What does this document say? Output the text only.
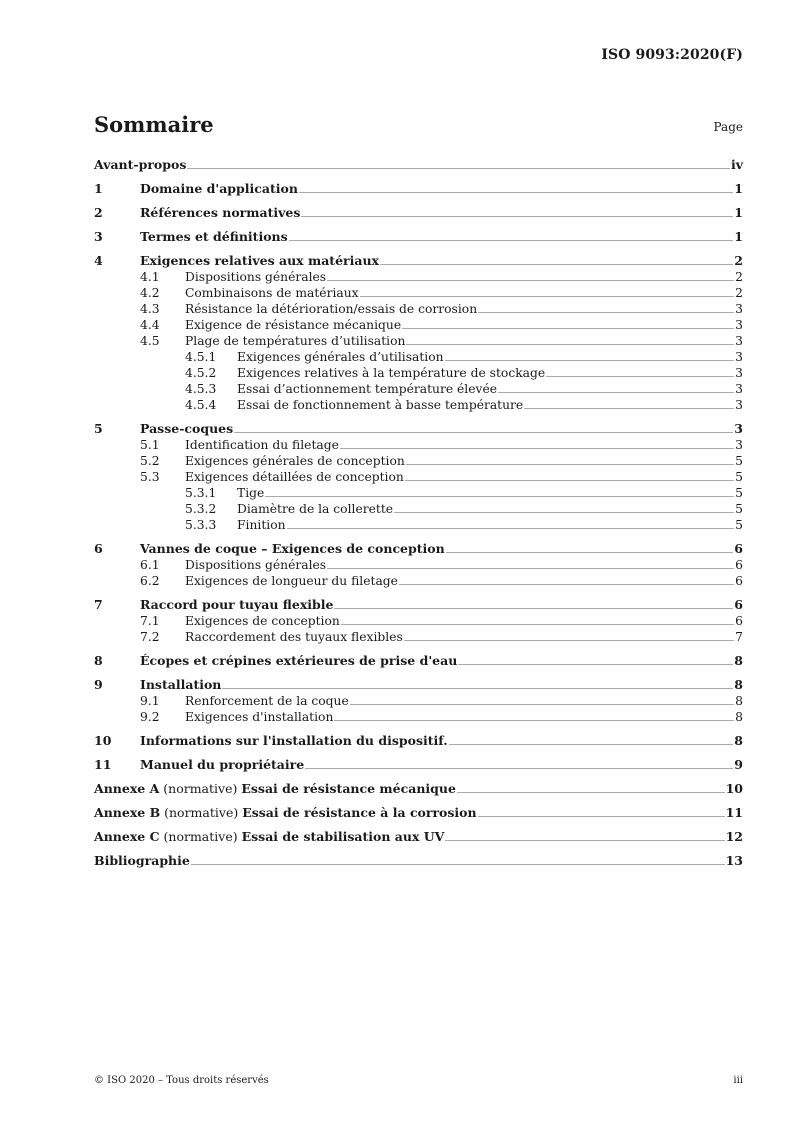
ISO 9093:2020(F)
Sommaire	Page
Avant-propos	iv
1	Domaine d'application	1
2	Références normatives	1
3	Termes et définitions	1
4	Exigences relatives aux matériaux	2
4.1	Dispositions générales	2
4.2	Combinaisons de matériaux	2
4.3	Résistance la détérioration/essais de corrosion	3
4.4	Exigence de résistance mécanique	3
4.5	Plage de températures d’utilisation	3
4.5.1	Exigences générales d’utilisation	3
4.5.2	Exigences relatives à la température de stockage	3
4.5.3	Essai d’actionnement température élevée	3
4.5.4	Essai de fonctionnement à basse température	3
5	Passe-coques	3
5.1	Identification du filetage	3
5.2	Exigences générales de conception	5
5.3	Exigences détaillées de conception	5
5.3.1	Tige	5
5.3.2	Diamètre de la collerette	5
5.3.3	Finition	5
6	Vannes de coque – Exigences de conception	6
6.1	Dispositions générales	6
6.2	Exigences de longueur du filetage	6
7	Raccord pour tuyau flexible	6
7.1	Exigences de conception	6
7.2	Raccordement des tuyaux flexibles	7
8	Écopes et crépines extérieures de prise d'eau	8
9	Installation	8
9.1	Renforcement de la coque	8
9.2	Exigences d'installation	8
10	Informations sur l'installation du dispositif.	8
11	Manuel du propriétaire	9
Annexe A (normative) Essai de résistance mécanique	10
Annexe B (normative) Essai de résistance à la corrosion	11
Annexe C (normative) Essai de stabilisation aux UV	12
Bibliographie	13
© ISO 2020 – Tous droits réservés	iii
